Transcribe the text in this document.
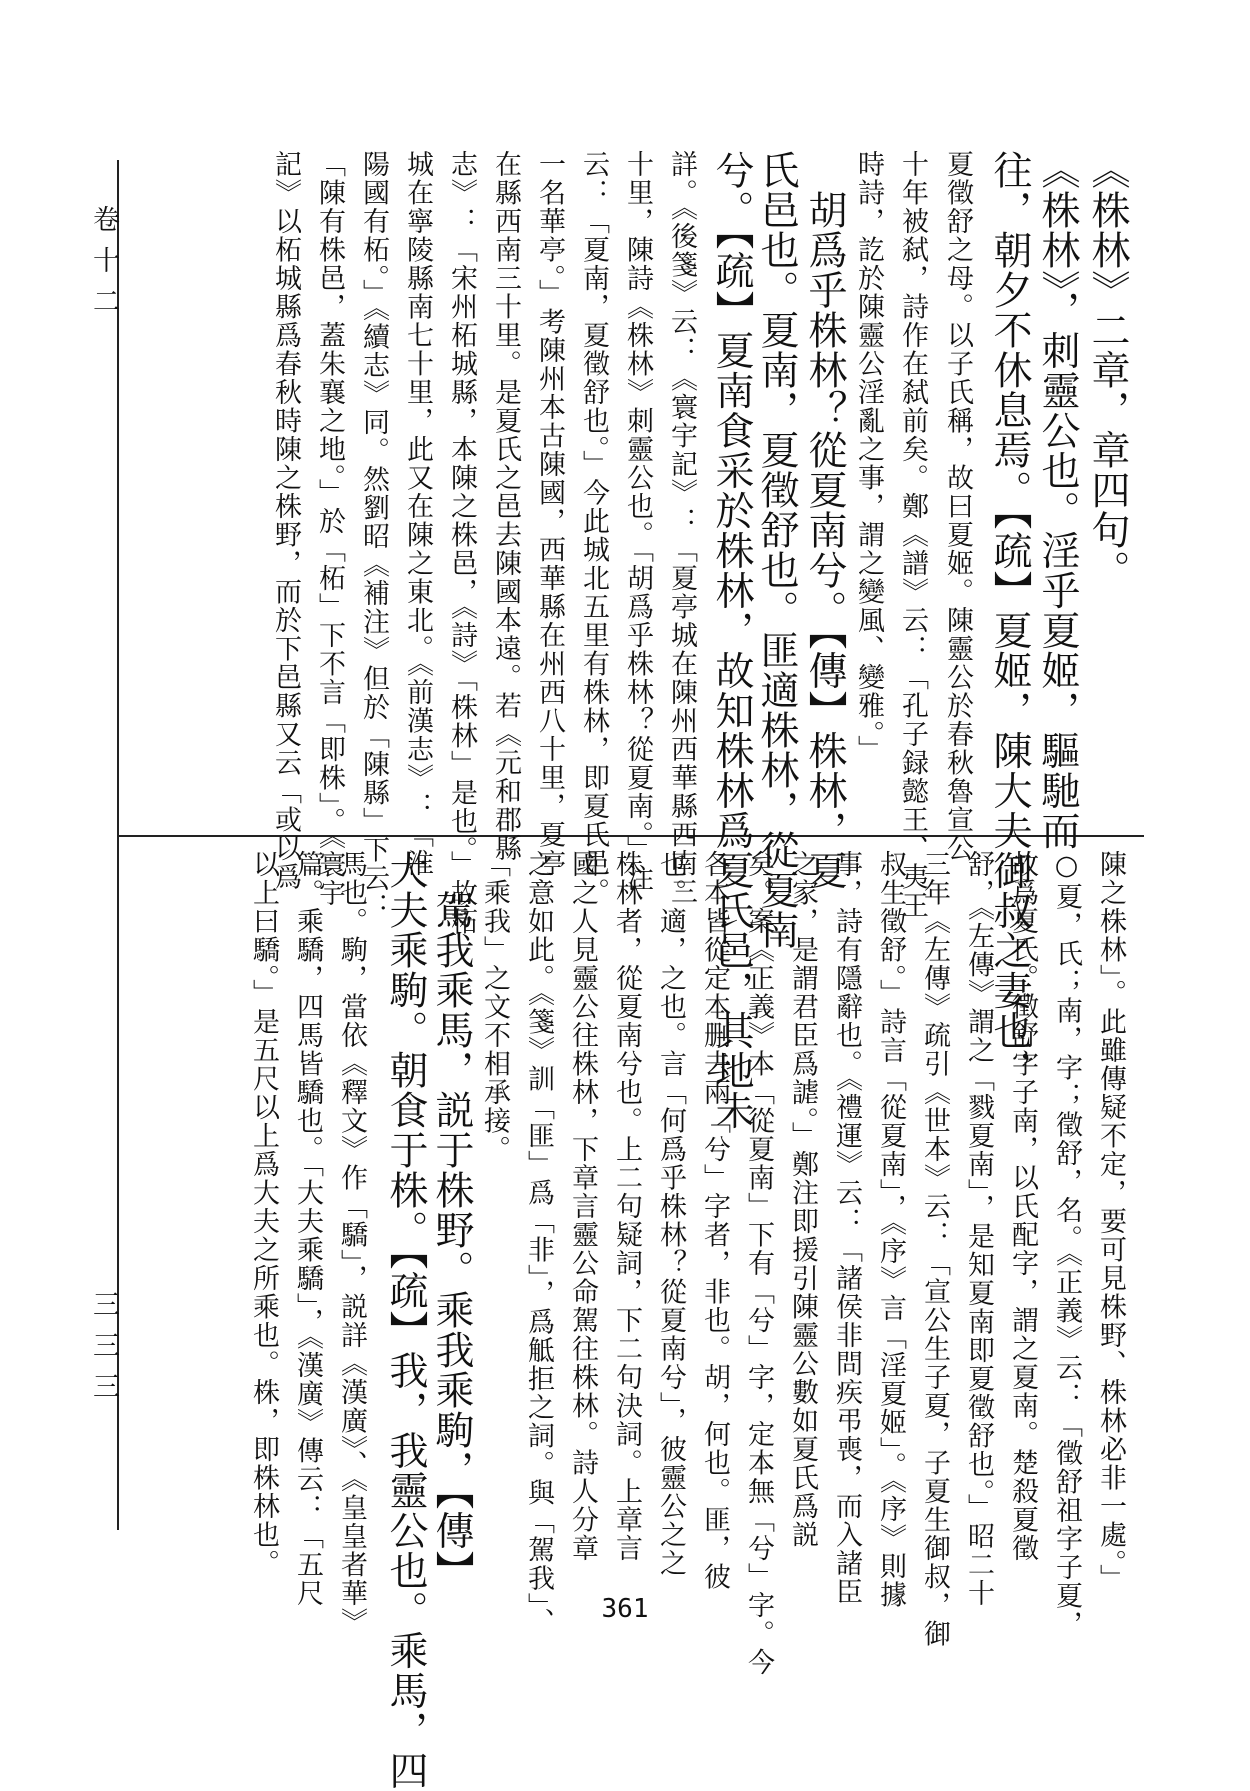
《株林》二章，章四句。
《株林》，刺靈公也。淫乎夏姬，驅馳而
往，朝夕不休息焉。【疏】夏姬，陳大夫御叔之妻也，
夏徵舒之母。以子氏稱，故曰夏姬。陳靈公於春秋魯宣公
十年被弑，詩作在弑前矣。鄭《譜》云：「孔子録懿王、夷王
時詩，訖於陳靈公淫亂之事，謂之變風、變雅。」
　胡爲乎株林？從夏南兮。【傳】株林，夏
氏邑也。夏南，夏徵舒也。匪適株林，從夏南
兮。【疏】夏南食采於株林，故知株林爲夏氏邑，其地未
詳。《後箋》云：《寰宇記》：「夏亭城在陳州西華縣西南三
十里，陳詩《株林》刺靈公也。「胡爲乎株林？從夏南。」注
云：「夏南，夏徵舒也。」今此城北五里有株林，即夏氏邑。
一名華亭。」考陳州本古陳國，西華縣在州西八十里，夏亭
在縣西南三十里。是夏氏之邑去陳國本遠。若《元和郡縣
志》：「宋州柘城縣，本陳之株邑，《詩》「株林」是也。」故柘
城在寧陵縣南七十里，此又在陳之東北。《前漢志》：「淮
陽國有柘。」《續志》同。然劉昭《補注》但於「陳縣」下云：
「陳有株邑，蓋朱襄之地。」於「柘」下不言「即株」。《寰宇
記》以柘城縣爲春秋時陳之株野，而於下邑縣又云「或以爲
陳之株林」。此雖傳疑不定，要可見株野、株林必非一處。」
○夏，氏；南，字；徵舒，名。《正義》云：「徵舒祖字子夏，
故爲夏氏。徵舒字子南，以氏配字，謂之夏南。楚殺夏徵
舒，《左傳》謂之「戮夏南」，是知夏南即夏徵舒也。」昭二十
三年《左傳》疏引《世本》云：「宣公生子夏，子夏生御叔，御
叔生徵舒。」詩言「從夏南」，《序》言「淫夏姬」。《序》則據
事，詩有隱辭也。《禮運》云：「諸侯非問疾弔喪，而入諸臣
之家，是謂君臣爲謔。」鄭注即援引陳靈公數如夏氏爲説
矣。案《正義》本「從夏南」下有「兮」字，定本無「兮」字。今
各本皆從定本删去兩「兮」字者，非也。胡，何也。匪，彼
也。適，之也。言「何爲乎株林？從夏南兮」，彼靈公之之
株林者，從夏南兮也。上二句疑詞，下二句決詞。上章言
國之人見靈公往株林，下章言靈公命駕往株林。詩人分章
之意如此。《箋》訓「匪」爲「非」，爲觝拒之詞。與「駕我」、
「乘我」之文不相承接。
　駕我乘馬，説于株野。乘我乘駒，【傳】
大夫乘駒。朝食于株。【疏】我，我靈公也。乘馬，四
馬也。駒，當依《釋文》作「驕」，説詳《漢廣》、《皇皇者華》
篇。乘驕，四馬皆驕也。「大夫乘驕」，《漢廣》傳云：「五尺
以上曰驕。」是五尺以上爲大夫之所乘也。株，即株林也。
卷十二
三三三
361
